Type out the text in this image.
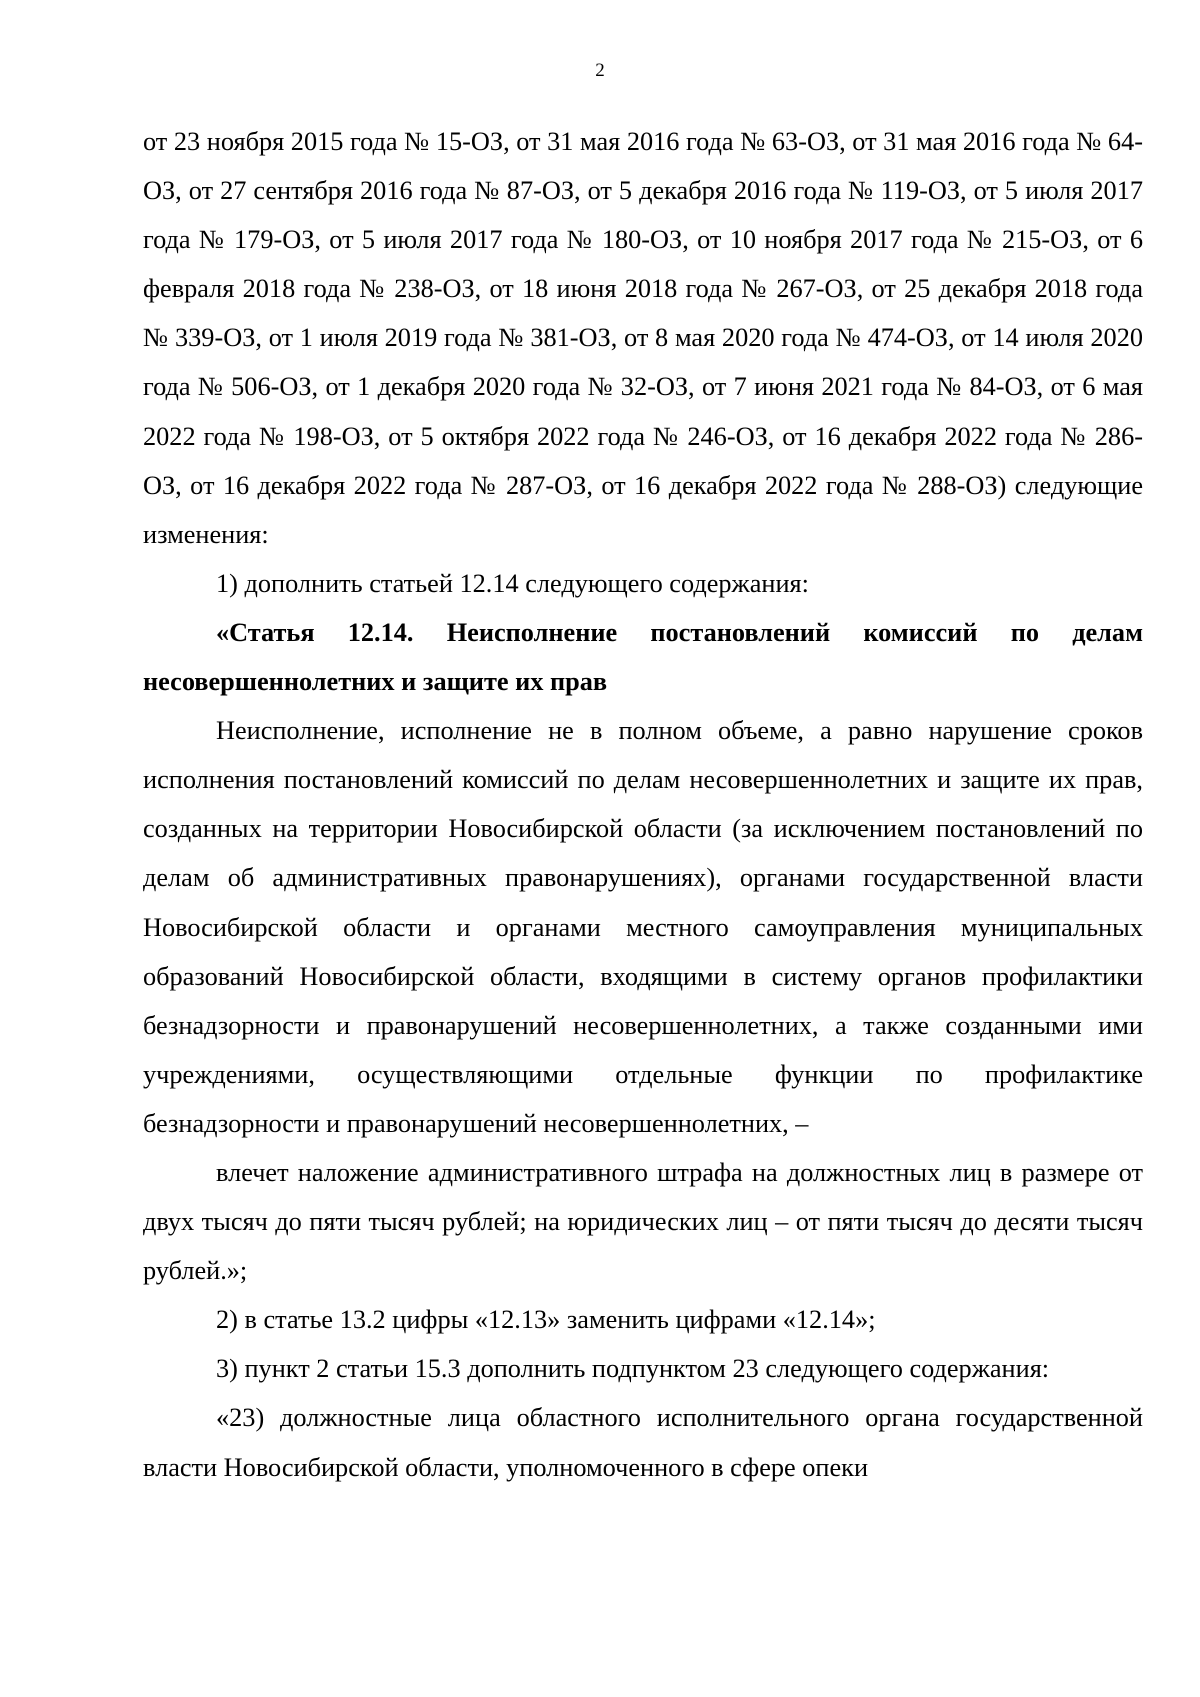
2

от 23 ноября 2015 года № 15-ОЗ, от 31 мая 2016 года № 63-ОЗ, от 31 мая 2016 года № 64-ОЗ, от 27 сентября 2016 года № 87-ОЗ, от 5 декабря 2016 года № 119-ОЗ, от 5 июля 2017 года № 179-ОЗ, от 5 июля 2017 года № 180-ОЗ, от 10 ноября 2017 года № 215-ОЗ, от 6 февраля 2018 года № 238-ОЗ, от 18 июня 2018 года № 267-ОЗ, от 25 декабря 2018 года № 339-ОЗ, от 1 июля 2019 года № 381-ОЗ, от 8 мая 2020 года № 474-ОЗ, от 14 июля 2020 года № 506-ОЗ, от 1 декабря 2020 года № 32-ОЗ, от 7 июня 2021 года № 84-ОЗ, от 6 мая 2022 года № 198-ОЗ, от 5 октября 2022 года № 246-ОЗ, от 16 декабря 2022 года № 286-ОЗ, от 16 декабря 2022 года № 287-ОЗ, от 16 декабря 2022 года № 288-ОЗ) следующие изменения:

1) дополнить статьей 12.14 следующего содержания:

«Статья 12.14. Неисполнение постановлений комиссий по делам несовершеннолетних и защите их прав

Неисполнение, исполнение не в полном объеме, а равно нарушение сроков исполнения постановлений комиссий по делам несовершеннолетних и защите их прав, созданных на территории Новосибирской области (за исключением постановлений по делам об административных правонарушениях), органами государственной власти Новосибирской области и органами местного самоуправления муниципальных образований Новосибирской области, входящими в систему органов профилактики безнадзорности и правонарушений несовершеннолетних, а также созданными ими учреждениями, осуществляющими отдельные функции по профилактике безнадзорности и правонарушений несовершеннолетних, –

влечет наложение административного штрафа на должностных лиц в размере от двух тысяч до пяти тысяч рублей; на юридических лиц – от пяти тысяч до десяти тысяч рублей.»;

2) в статье 13.2 цифры «12.13» заменить цифрами «12.14»;

3) пункт 2 статьи 15.3 дополнить подпунктом 23 следующего содержания:

«23) должностные лица областного исполнительного органа государственной власти Новосибирской области, уполномоченного в сфере опеки
